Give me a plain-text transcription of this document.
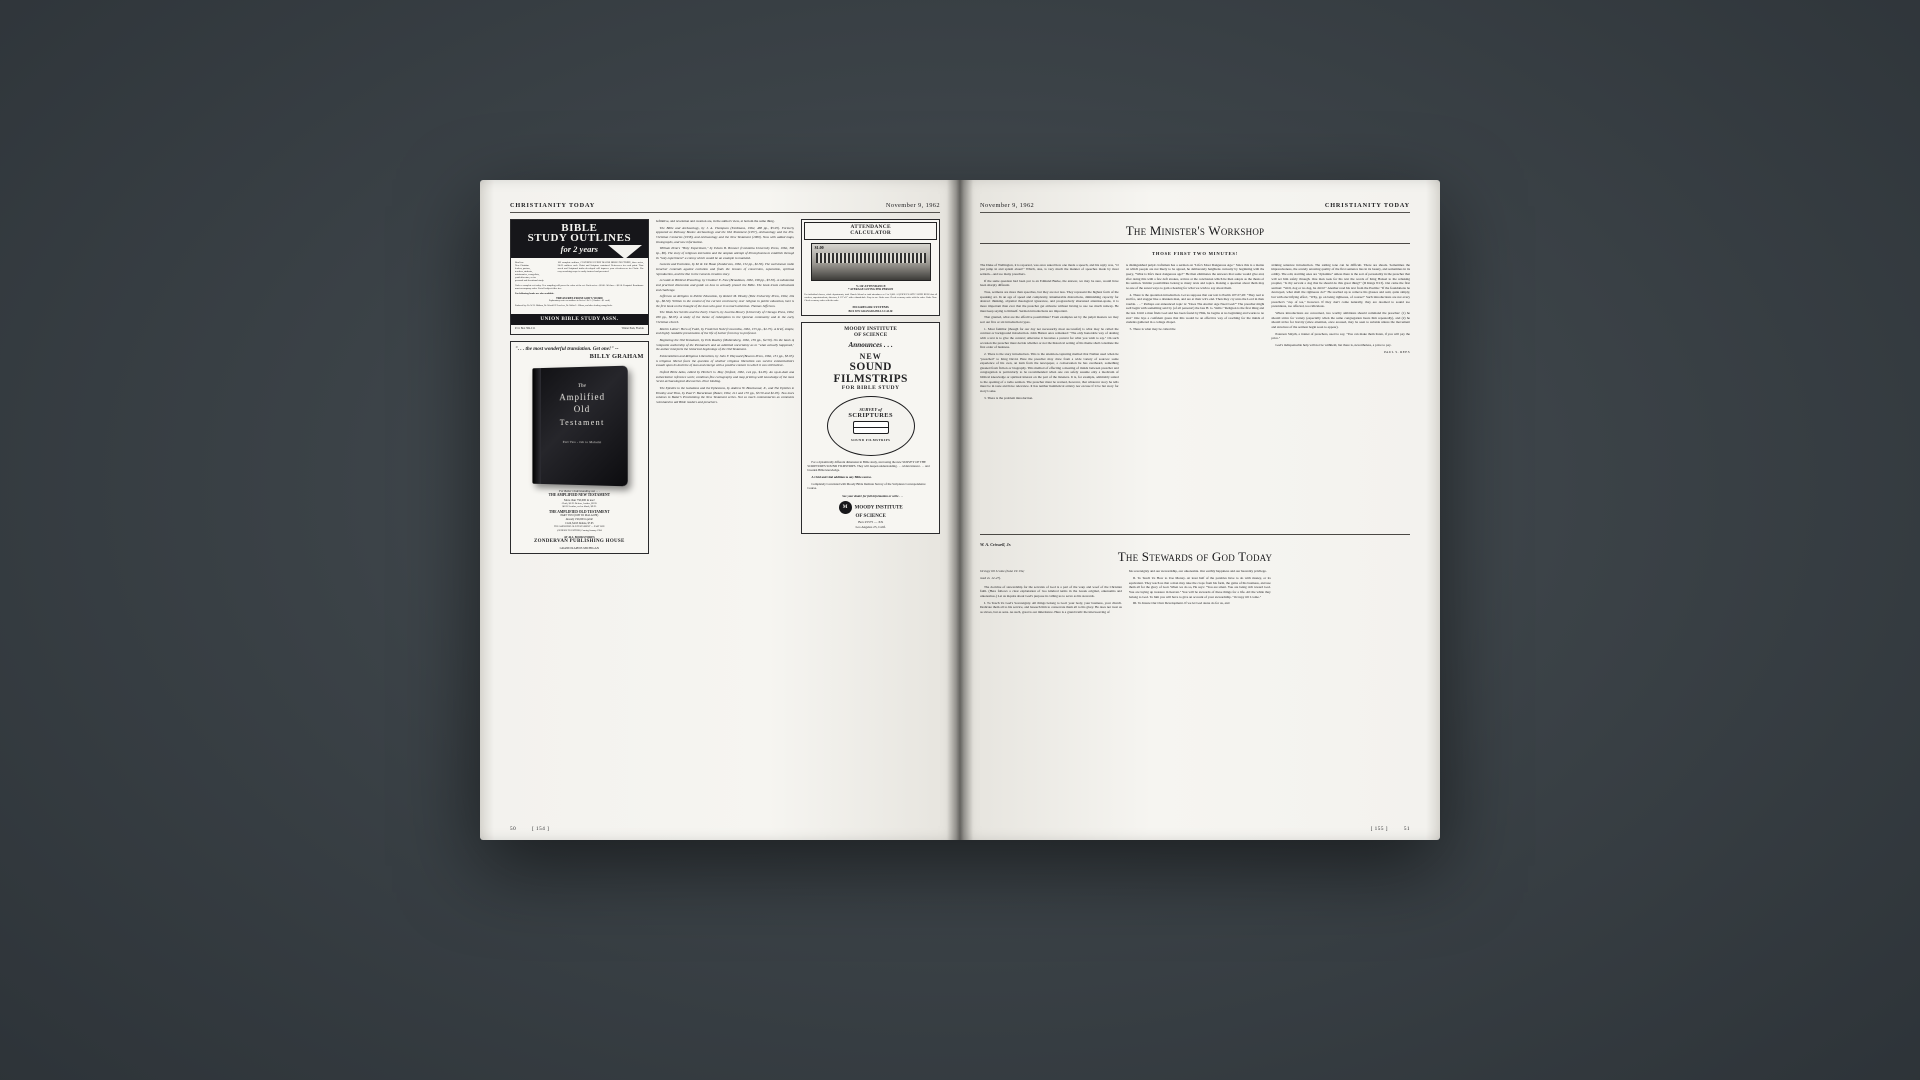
CHRISTIANITY TODAY	November 9, 1962
BIBLE
STUDY OUTLINES
for 2 years
Ideal for:
New Christian
leaders, pastors,
teachers, students,
missionaries, evangelists,
youth directors, or for
personal and devotional study.
102 complete outlines, COVERING EVERY MAJOR BIBLE DOCTRINE, three series, 24-25 outlines each. Christ and Scripture contained. References for each point. Time saved and Scriptural truths developed will improve your effectiveness for Christ. Use easy-searching scope in easily fortered and presented.
Order a complete set today. Or a sampling will prove the value of the set. Each series—$2.00. All three—$5.50. Postpaid. Remittance must accompany order. List all subject titles free.
For following books are also available:
TREASURES FROM GOD'S WORD
Explanatory notes on outlines in Series 1 & 2. (3 books—$1 each)
Endorsed by: Dr. W. B. Oldham, Dr. Wendell P. Loveless, Dr. Walter L. Wilson, and other leading evangelicals.
UNION BIBLE STUDY ASSN.
P. O. Box 384-C11	Winter Park, Florida
". . . the most wonderful translation. Get one!" --
BILLY GRAHAM
The
Amplified
Old
Testament
Part Two - Job to Malachi
For Better Understanding use . . .
THE AMPLIFIED NEW TESTAMENT
More than 750,000 in use!
Cloth, $5.95 Deluxe, leather, $9.95
$6.95 Leather, red or black, $9.95
THE AMPLIFIED OLD TESTAMENT
PART TWO (JOB TO MALACHI)
Already 150,000 in print!
Cloth, $4.95 Deluxe, $7.95
THE AMPLIFIED OLD TESTAMENT — PART ONE
(GENESIS TO ESTHER) Coming January 1964
AT ALL BOOKSTORES
ZONDERVAN PUBLISHING HOUSE
GRAND RAPIDS MICHIGAN

definitive, and revelation and creation are, in the author's view, at bottom the same thing.

The Bible and Archaeology, by J. A. Thompson (Eerdmans, 1962, 468 pp., $5.95). Formerly appeared as Pathway Books: Archaeology and the Old Testament (1957), Archaeology and the Pre-Christian Centuries (1958), and Archaeology and the New Testament (1960). Now with added maps, photographs, and new information.

William Penn's "Holy Experiment," by Edwin B. Bronner (Columbia University Press, 1962, 306 pp., $6). The story of religious toleration and the utopian attempt of Pennsylvania to establish through its "holy experiment" a colony which would be an example to mankind.

Genesis and Evolution, by M. R. De Haan (Zondervan, 1962, 152 pp., $2.50). The well-known radio preacher contends against evolution and finds the lessons of conversion, separation, spiritual reproduction, and the like in the Genesis creation story.

A Guide to Biblical Preaching, by Chalmer E. Faw (Broadman, 1962, 198 pp., $3.50). A substantial and practical discussion and guide on how to actually preach the Bible. The book treats enthusiasm and challenge.

Jefferson on Religion in Public Education, by Robert M. Healey (Yale University Press, 1962, 294 pp., $6.50). Written in the context of the current controversy over religion in public education, here is the first book on the thought of the man who gave it so much attention. Thomas Jefferson.

The Weak See Scrolls and the Early Church, by Lucetta Mowry (University of Chicago Press, 1962, 260 pp., $6.95). A study of the theme of redemption in the Qumran community and in the early Christian church.

Martin Luther: Hero of Faith, by Frederick Nohl (Concordia, 1962, 155 pp., $2.75). A brief, simple, and highly readable presentation of the life of Luther from boy to professor.

Beginning the Old Testament, by Erik Routley (Muhlenberg, 1962, 159 pp., $2.50). On the basis of composite authorship of the Pentateuch and an admitted uncertainty as to "what actually happened," the author interprets the historical beginnings of the Old Testament.

Existentialism and Religious Liberalism, by John F. Hayward (Beacon Press, 1962, 131 pp., $3.95). A religious liberal faces the question of whether religious liberalism can survive existentialism's assault upon its doctrine of man and emerge with a positive content in which it can still believe.

Oxford Bible Atlas, edited by Herbert G. May (Oxford, 1962, 144 pp., $4.95). An up-to-date and authoritative reference work; combines fine cartography and map printing with knowledge of the most recent archaeological discoveries. Poor binding.

The Epistles to the Galatians and the Ephesians, by Andrew W. Blackwood, Jr., and The Epistles to Timothy and Titus, by Paul F. Barackman (Baker, 1962, 211 and 155 pp., $3.50 and $2.95). Two more volumes in Baker's Proclaiming the New Testament series. Not so much commentaries as comments calculated to aid Bible readers and preachers.

ATTENDANCE
CALCULATOR
$1.00
% OF ATTENDANCE
* AVERAGE GIVING PER PERSON
For individual classes, whole departments, total Church School or total attendance or 2 to 2,000. A QUICK PLASTIC SLIDE RULE that all workers, superintendents, directors, 8 1/2"x11" with a thumb-hole. Easy to use. Order now. Check or money order with the order. Order Now. Check or money order with the order.
MCGREGOR SYSTEMS
BOX 3072 GRANADA HILLS CALIF.
MOODY INSTITUTE
OF SCIENCE
Announces . . .
NEW
SOUND
FILMSTRIPS
FOR BIBLE STUDY
SURVEY of
SCRIPTURES
SOUND FILMSTRIPS

For a dynamically different dimension in Bible study, start using the new SURVEY OF THE SCRIPTURES SOUND FILMSTRIPS. They will deepen understanding . . . widen interest . . . and broaden Bible knowledge.

A vivid and vital addition to any Bible course.

Completely Correlated with Moody Bible Institute Survey of the Scriptures Correspondence Course.

See your dealer for full information or write . . .

M MOODY INSTITUTE
OF SCIENCE
Box 25575 — XX
Los Angeles 25, Calif.
50	[ 154 ]
November 9, 1962	CHRISTIANITY TODAY
The Minister's Workshop
THOSE FIRST TWO MINUTES!

The Duke of Wellington, it is reported, was once asked how one made a speech, and his reply was, "O just jump in and splash about!" Which, alas, is very much the manner of speeches made by most seldom—and too many preachers.

If the same question had been put to an Edmund Burke, the answer, we may be sure, would have been sharply different.

True, sermons are more than speeches, but they are not less. They represent the highest form of the speaking art. In an age of speed and complexity, innumerable distractions, diminishing capacity for abstract thinking, abysmal theological ignorance, and progressively shortened attention-spans, it is more important than ever that the preacher get airborne without having to use too much runway. He must keep saying to himself. Sermon introductions are important.

That granted, what are the effective possibilities? From examples set by the pulpit masters we may sort out five or six introduction types.

1. Most familiar (though for our day not necessarily most successful) is what may be called the contrast or background introduction. John Hutton once remarked: "The only honorable way of dealing with a text is to give the context; otherwise it becomes a pretext for what you wish to say." On such occasion the preacher must decide whether or not the historical setting of his theme shall constitute the first order of business.

2. There is the story introduction. This is the attention-capturing method that Nathan used when he "preached" to King David. Here the preacher may draw from a wide variety of sources: some experience of his own, an item from the newspaper, a conversation he has overheard, something gleaned from fiction or biography. This method of effecting a meeting of minds between preacher and congregation is particularly to be recommended when one can safely assume only a modicum of biblical knowledge or spiritual interest on the part of the listeners. It is, for example, admirably suited to the opening of a radio sermon. The preacher must be warned, however, that whatever story he tells must be in taste and have relevance. It has neither homiletical artistry nor excuse if it be but story for story's sake.

3. There is the problem introduction.

A distinguished pulpit craftsman has a sermon on "Life's Most Dangerous Age." Since this is a matter on which people are not likely to be agreed, he deliberately heightens curiosity by beginning with the query, "What is life's most dangerous age?" He then eliminates the answers that some would give and, after doing this with a few deft strokes, arrives at the conclusion which he then adopts as the thesis of his sermon. Similar possibilities belong to many texts and topics. Raising a question about them may be one of the surest ways to gain a hearing for what we wish to say about them.

4. There is the quotation introduction. Let us suppose that our text is Psalm 107:27,28: "They reel to and fro, and stagger like a drunken man, and are at their wit's end. Then they cry unto the Lord in their trouble. . . ." Perhaps our announced topic is: "Does The Atomic Age Need God?" The preacher might well begin with something said by (of all persons!) the late H. G. Wells: "Religion is the first thing and the last. Until a man finds God and has been found by Him, he begins at no beginning and works to no end." One lays a confident guess that this would be an effective way of reaching for the minds of students gathered in a college chapel.

5. There is what may be called the

striking sentence introduction. The sailing tone can be difficult. There are shoals. Sometimes the impressiveness, the acutely arresting quality of the first sentence lies in its beauty, and sometimes in its oddity. The odd, startling ones are "dynamite" unless there is the sort of personality in the preacher that will set him safely through. One man took for his text the words of King Hansel to the rebuking prophet, "Is thy servant a dog that he should do this great thing?" (II Kings 8:13). Out came the first sermon: "Well, dog or no dog, he did it!" Another read his text from the Psalms: "If the foundations be destroyed, what shall the righteous do?" He reached up to remove his glasses and said, quite simply, but with electrifying effect, "Why, go on being righteous, of course!" Such introductions are not every preacher's "cup of tea," however. If they don't come naturally, they are doomed to sound too pretentious, too affected, too ridiculous.

Where introductions are concerned, two worthy ambitions should command the preacher: (1) he should strive for variety (especially when the same congregation hears him repeatedly), and (2) he should strive for brevity (since attention, once aroused, may be seen to subside unless the movement and structure of the sermon begin soon to appear).

Paterson Smyth, a trainer of preachers, used to say, "You can make them listen, if you will pay the price."

God's indispensable help will not be withheld, but there is, nevertheless, a price to pay.

PAUL S. REES
W. A. Criswell, Jr.
The Stewards of God Today

Occupy till I come (Luke 19:13a;

read vv. 12-27).

The doctrine of stewardship for the servants of God is a part of the warp and woof of the Christian faith. (Here follows a clear explanation of two kindred terms in the Greek original, oikonomia and oikonomos.) Let us inquire about God's purpose in calling us to serve as his stewards.

I. To Teach Us God's Sovereignty. All things belong to God: your body, your business, your church. Dedicate them all to his service, and beseech him to consecrate them all to his glory. He does not treat us as slaves, but as sons. As such, great is our inheritance. Here is a grand truth: the interweaving of

his sovereignty and our stewardship, our oikonomia. Our earthly happiness and our heavenly privilege.

II. To Teach Us How to Use Money. At least half of the parables have to do with money, or its equivalent. They teach us that a man may take the crops from his farm, the gains of his business, and use them all for the glory of God. When we do so, He says: "You are smart. You are being rich toward God. You are laying up treasure in heaven." You will be stewards of these things for a life. All the while they belong to God. To him you will have to give an account of your stewardship. "Occupy till I come."

III. To Insure Our Own Development. If we let God alone do for us, and

[ 155 ]	51
